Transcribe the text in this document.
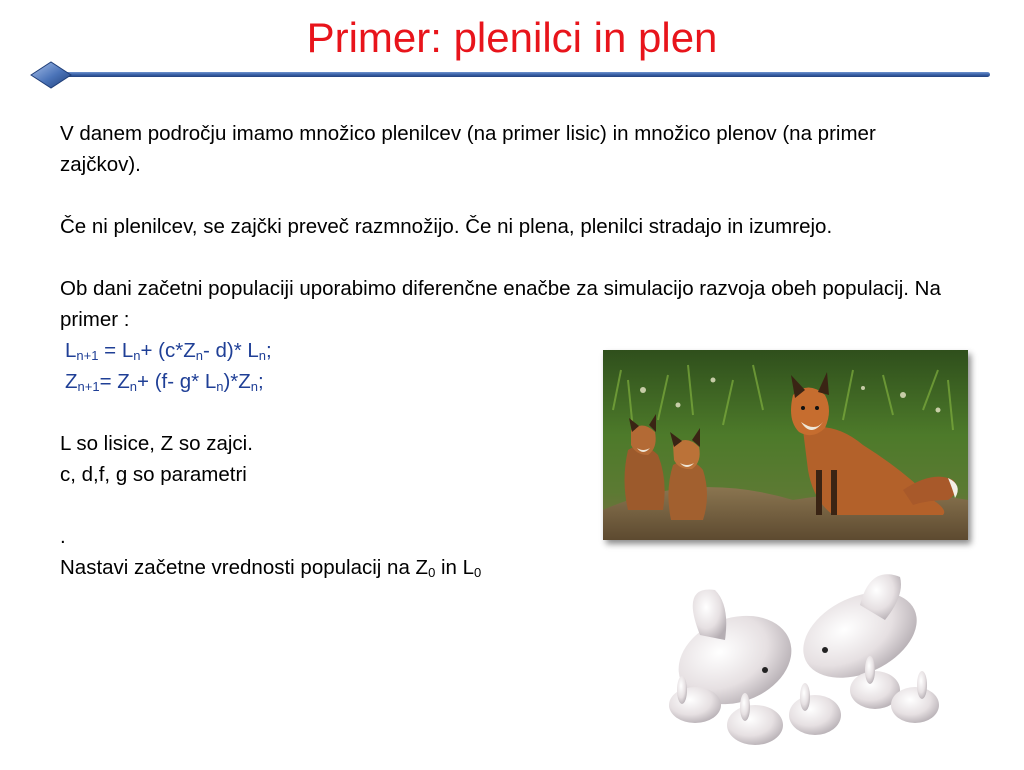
Primer: plenilci in plen

V danem področju imamo množico plenilcev (na primer lisic) in množico plenov (na primer zajčkov).

Če ni plenilcev, se zajčki preveč razmnožijo. Če ni plena, plenilci stradajo in izumrejo.

Ob dani začetni populaciji uporabimo diferenčne enačbe za simulacijo razvoja obeh populacij. Na primer :

$L_{n+1} = L_n+ (c*Z_n-$ d)* $L_n$;

$Z_{n+1}= Z_n+ (f-$ g* $L_n)*Z_n$;

L so lisice, Z so zajci.

c, d,f, g so parametri

.

Nastavi začetne vrednosti populacij na $Z_0$ in $L_0$
